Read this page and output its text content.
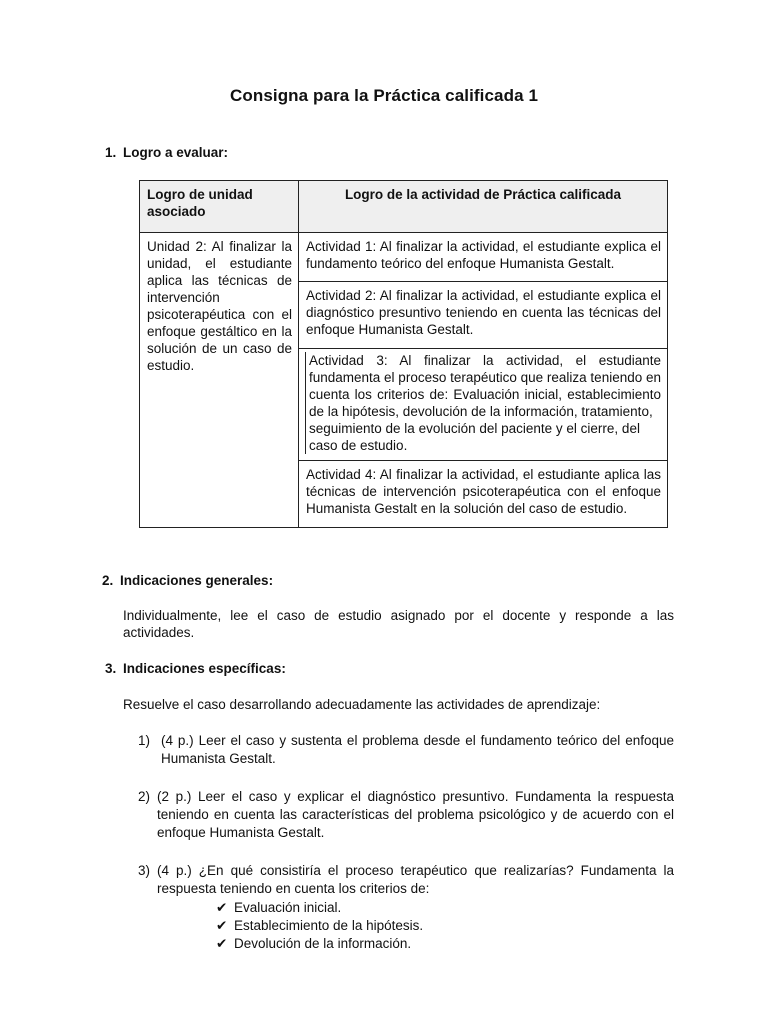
Consigna para la Práctica calificada 1
1. Logro a evaluar:
Logro de unidad asociado	Logro de la actividad de Práctica calificada
Unidad 2: Al finalizar la unidad, el estudiante aplica las técnicas de intervención psicoterapéutica con el enfoque gestáltico en la solución de un caso de estudio.	Actividad 1: Al finalizar la actividad, el estudiante explica el fundamento teórico del enfoque Humanista Gestalt.
	Actividad 2: Al finalizar la actividad, el estudiante explica el diagnóstico presuntivo teniendo en cuenta las técnicas del enfoque Humanista Gestalt.

	Actividad 3: Al finalizar la actividad, el estudiante fundamenta el proceso terapéutico que realiza teniendo en cuenta los criterios de: Evaluación inicial, establecimiento de la hipótesis, devolución de la información, tratamiento,
seguimiento de la evolución del paciente y el cierre, del caso de estudio.

	Actividad 4: Al finalizar la actividad, el estudiante aplica las técnicas de intervención psicoterapéutica con el enfoque Humanista Gestalt en la solución del caso de estudio.
2. Indicaciones generales:
Individualmente, lee el caso de estudio asignado por el docente y responde a las actividades.
3. Indicaciones específicas:
Resuelve el caso desarrollando adecuadamente las actividades de aprendizaje:
1) (4 p.) Leer el caso y sustenta el problema desde el fundamento teórico del enfoque Humanista Gestalt.
2) (2 p.) Leer el caso y explicar el diagnóstico presuntivo. Fundamenta la respuesta teniendo en cuenta las características del problema psicológico y de acuerdo con el enfoque Humanista Gestalt.
3) (4 p.) ¿En qué consistiría el proceso terapéutico que realizarías? Fundamenta la respuesta teniendo en cuenta los criterios de:
✔ Evaluación inicial.
✔ Establecimiento de la hipótesis.
✔ Devolución de la información.
